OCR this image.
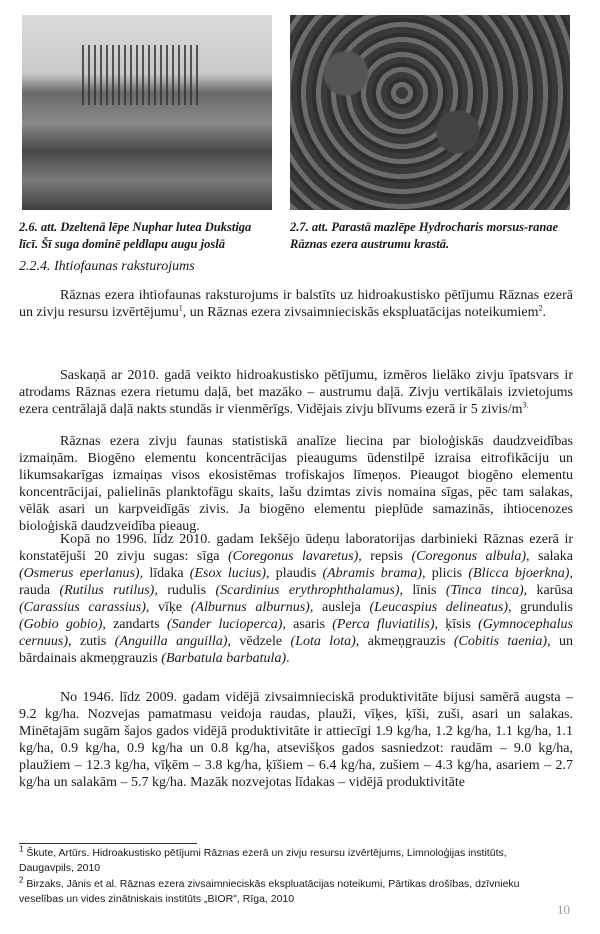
2.6. att. Dzeltenā lēpe Nuphar lutea Dukstiga līcī. Šī suga dominē peldlapu augu joslā
2.7. att. Parastā mazlēpe Hydrocharis morsus-ranae Rāznas ezera austrumu krastā.
2.2.4. Ihtiofaunas raksturojums

Rāznas ezera ihtiofaunas raksturojums ir balstīts uz hidroakustisko pētījumu Rāznas ezerā un zivju resursu izvērtējumu$^1$, un Rāznas ezera zivsaimnieciskās ekspluatācijas noteikumiem$^2$.

Saskaņā ar 2010. gadā veikto hidroakustisko pētījumu, izmēros lielāko zivju īpatsvars ir atrodams Rāznas ezera rietumu daļā, bet mazāko – austrumu daļā. Zivju vertikālais izvietojums ezera centrālajā daļā nakts stundās ir vienmērīgs. Vidējais zivju blīvums ezerā ir 5 zivis/$m^{3.}$

Rāznas ezera zivju faunas statistiskā analīze liecina par bioloģiskās daudzveidības izmaiņām. Biogēno elementu koncentrācijas pieaugums ūdenstilpē izraisa eitrofikāciju un likumsakarīgas izmaiņas visos ekosistēmas trofiskajos līmeņos. Pieaugot biogēno elementu koncentrācijai, palielinās planktofāgu skaits, lašu dzimtas zivis nomaina sīgas, pēc tam salakas, vēlāk asari un karpveidīgās zivis. Ja biogēno elementu pieplūde samazinās, ihtiocenozes bioloģiskā daudzveidība pieaug.

Kopā no 1996. līdz 2010. gadam Iekšējo ūdeņu laboratorijas darbinieki Rāznas ezerā ir konstatējuši 20 zivju sugas: sīga (Coregonus lavaretus), repsis (Coregonus albula), salaka (Osmerus eperlanus), līdaka (Esox lucius), plaudis (Abramis brama), plicis (Blicca bjoerkna), rauda (Rutilus rutilus), rudulis (Scardinius erythrophthalamus), līnis (Tinca tinca), karūsa (Carassius carassius), vīķe (Alburnus alburnus), ausleja (Leucaspius delineatus), grundulis (Gobio gobio), zandarts (Sander lucioperca), asaris (Perca fluviatilis), ķīsis (Gymnocephalus cernuus), zutis (Anguilla anguilla), vēdzele (Lota lota), akmeņgrauzis (Cobitis taenia), un bārdainais akmeņgrauzis (Barbatula barbatula).

No 1946. līdz 2009. gadam vidējā zivsaimnieciskā produktivitāte bijusi samērā augsta – 9.2 kg/ha. Nozvejas pamatmasu veidoja raudas, plauži, vīķes, ķīši, zuši, asari un salakas. Minētajām sugām šajos gados vidējā produktivitāte ir attiecīgi 1.9 kg/ha, 1.2 kg/ha, 1.1 kg/ha, 1.1 kg/ha, 0.9 kg/ha, 0.9 kg/ha un 0.8 kg/ha, atsevišķos gados sasniedzot: raudām – 9.0 kg/ha, plaužiem – 12.3 kg/ha, vīķēm – 3.8 kg/ha, ķīšiem – 6.4 kg/ha, zušiem – 4.3 kg/ha, asariem – 2.7 kg/ha un salakām – 5.7 kg/ha. Mazāk nozvejotas līdakas – vidējā produktivitāte

$^1$ Škute, Artūrs. Hidroakustisko pētījumi Rāznas ezerā un zivju resursu izvērtējums, Limnoloģijas institūts, Daugavpils, 2010
$^2$ Birzaks, Jānis et al. Rāznas ezera zivsaimnieciskās ekspluatācijas noteikumi, Pārtikas drošības, dzīvnieku veselības un vides zinātniskais institūts „BIOR", Rīga, 2010
10
